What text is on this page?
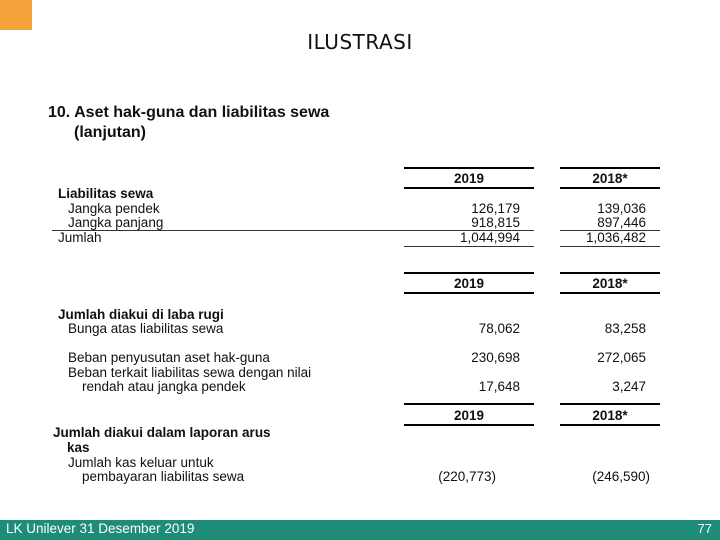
ILUSTRASI
10. Aset hak-guna dan liabilitas sewa
(lanjutan)
2019	2018*
Liabilitas sewa
Jangka pendek	126,179	139,036
Jangka panjang	918,815	897,446
Jumlah	1,044,994	1,036,482
2019	2018*
Jumlah diakui di laba rugi
Bunga atas liabilitas sewa	78,062	83,258
Beban penyusutan aset hak-guna	230,698	272,065
Beban terkait liabilitas sewa dengan nilai
rendah atau jangka pendek	17,648	3,247
2019	2018*
Jumlah diakui dalam laporan arus
kas
Jumlah kas keluar untuk
pembayaran liabilitas sewa	(220,773)	(246,590)
LK Unilever 31 Desember 2019	77
